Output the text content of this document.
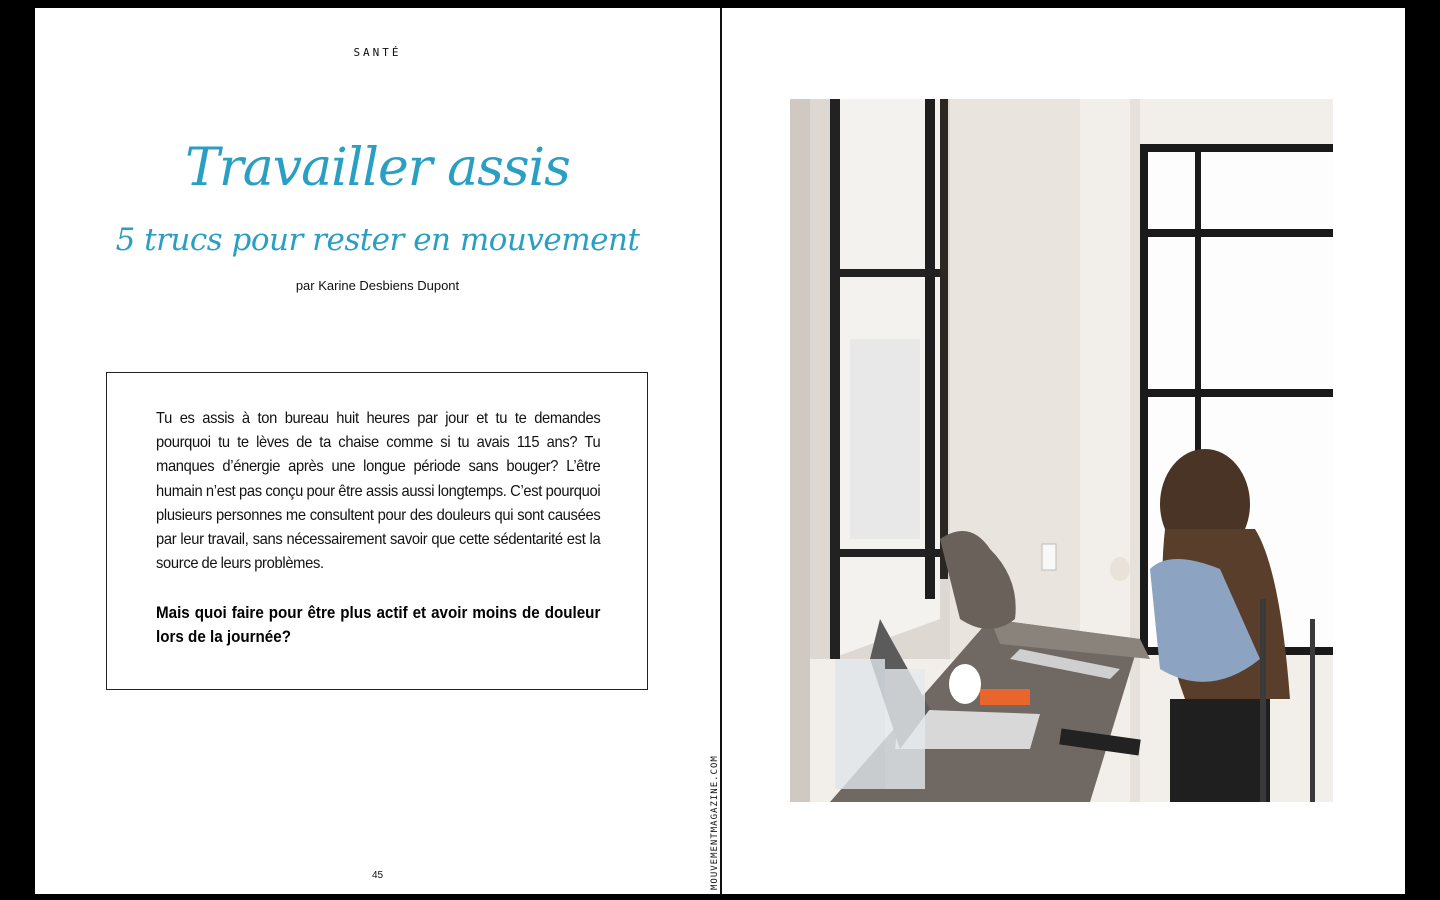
SANTÉ
Travailler assis
5 trucs pour rester en mouvement
par Karine Desbiens Dupont
Tu es assis à ton bureau huit heures par jour et tu te demandes pourquoi tu te lèves de ta chaise comme si tu avais 115 ans? Tu manques d’énergie après une longue période sans bouger? L’être humain n’est pas conçu pour être assis aussi longtemps. C’est pourquoi plusieurs personnes me consultent pour des douleurs qui sont causées par leur travail, sans nécessairement savoir que cette sédentarité est la source de leurs problèmes.
Mais quoi faire pour être plus actif et avoir moins de douleur lors de la journée?
45	MOUVEMENTMAGAZINE.COM
